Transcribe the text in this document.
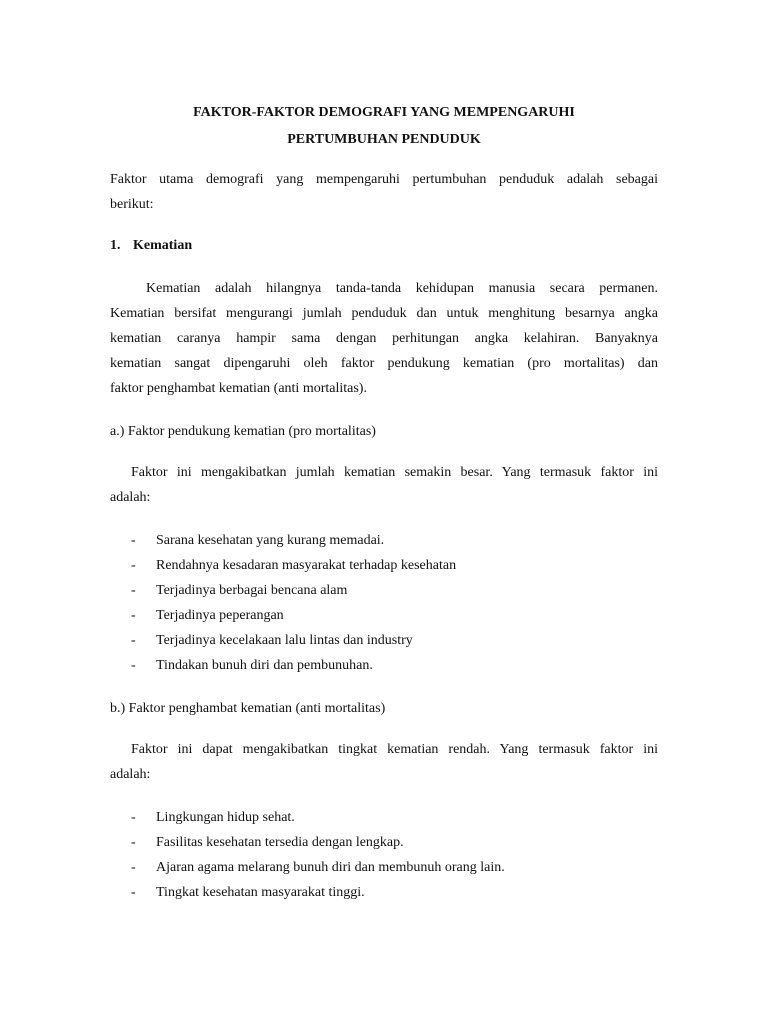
FAKTOR-FAKTOR DEMOGRAFI YANG MEMPENGARUHI
PERTUMBUHAN PENDUDUK
Faktor utama demografi yang mempengaruhi pertumbuhan penduduk adalah sebagai
berikut:
1. Kematian
Kematian adalah hilangnya tanda-tanda kehidupan manusia secara permanen.
Kematian bersifat mengurangi jumlah penduduk dan untuk menghitung besarnya angka
kematian caranya hampir sama dengan perhitungan angka kelahiran. Banyaknya
kematian sangat dipengaruhi oleh faktor pendukung kematian (pro mortalitas) dan
faktor penghambat kematian (anti mortalitas).
a.) Faktor pendukung kematian (pro mortalitas)
Faktor ini mengakibatkan jumlah kematian semakin besar. Yang termasuk faktor ini
adalah:
- Sarana kesehatan yang kurang memadai.
- Rendahnya kesadaran masyarakat terhadap kesehatan
- Terjadinya berbagai bencana alam
- Terjadinya peperangan
- Terjadinya kecelakaan lalu lintas dan industry
- Tindakan bunuh diri dan pembunuhan.
b.) Faktor penghambat kematian (anti mortalitas)
Faktor ini dapat mengakibatkan tingkat kematian rendah. Yang termasuk faktor ini
adalah:
- Lingkungan hidup sehat.
- Fasilitas kesehatan tersedia dengan lengkap.
- Ajaran agama melarang bunuh diri dan membunuh orang lain.
- Tingkat kesehatan masyarakat tinggi.
